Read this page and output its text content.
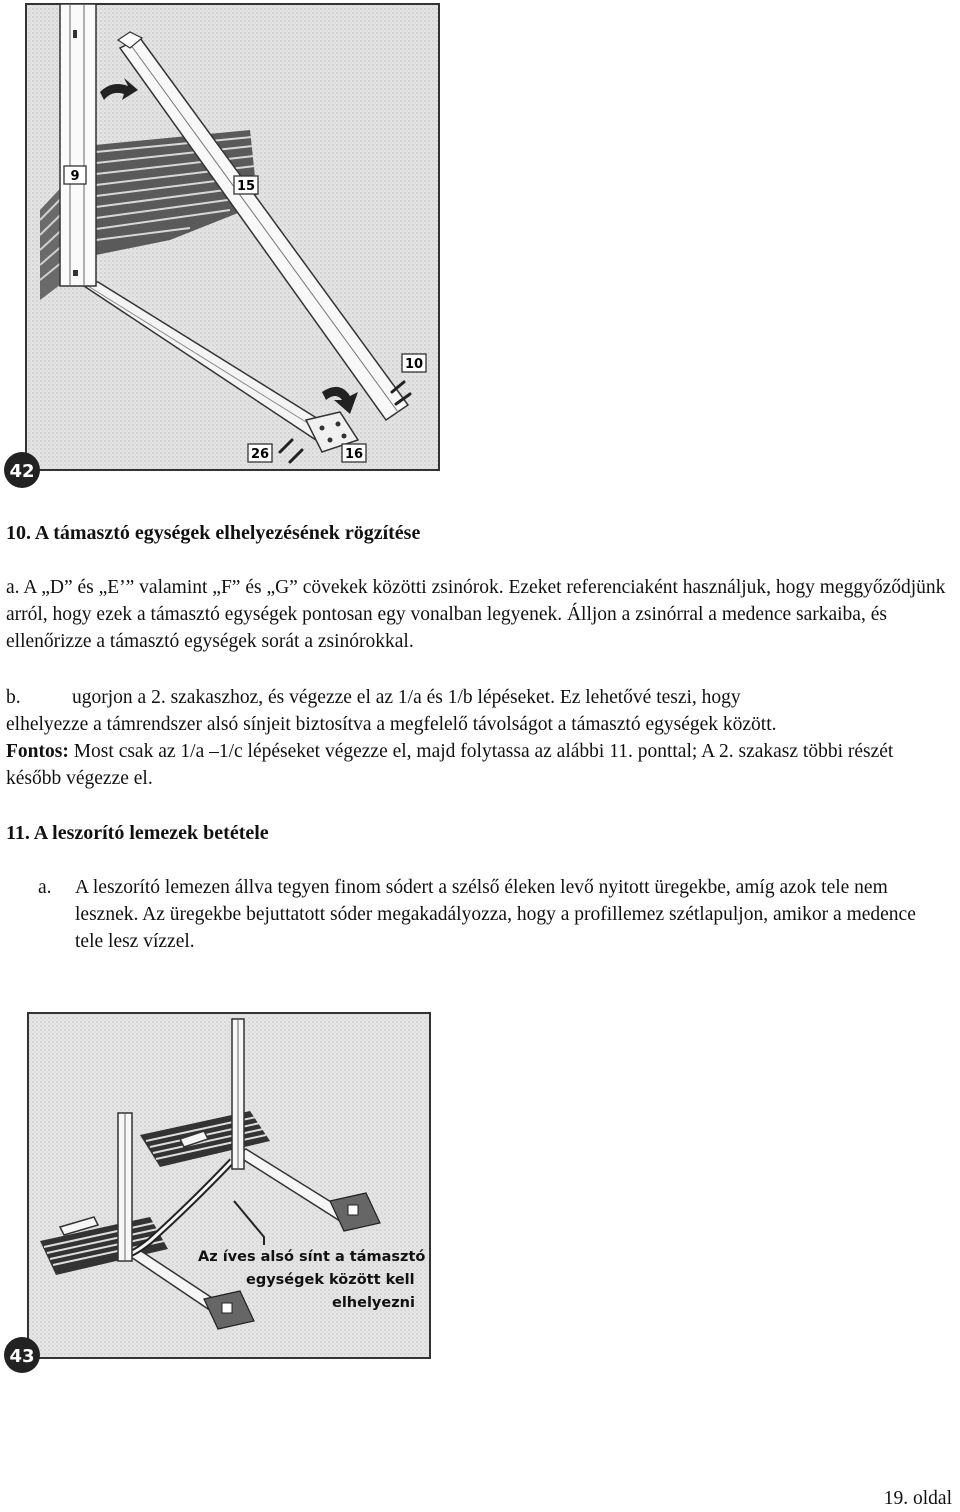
9
15
10
26	16
42
10. A támasztó egységek elhelyezésének rögzítése
a. A „D” és „E’” valamint „F” és „G” cövekek közötti zsinórok. Ezeket referenciaként használjuk, hogy meggyőződjünk arról, hogy ezek a támasztó egységek pontosan egy vonalban legyenek. Álljon a zsinórral a medence sarkaiba, és ellenőrizze a támasztó egységek sorát a zsinórokkal.
b.	ugorjon a 2. szakaszhoz, és végezze el az 1/a és 1/b lépéseket. Ez lehetővé teszi, hogy
elhelyezze a támrendszer alsó sínjeit biztosítva a megfelelő távolságot a támasztó egységek között.
Fontos: Most csak az 1/a –1/c lépéseket végezze el, majd folytassa az alábbi 11. ponttal; A 2. szakasz többi részét később végezze el.
11. A leszorító lemezek betétele
a. A leszorító lemezen állva tegyen finom sódert a szélső éleken levő nyitott üregekbe, amíg azok tele nem lesznek. Az üregekbe bejuttatott sóder megakadályozza, hogy a profillemez szétlapuljon, amikor a medence tele lesz vízzel.
Az íves alsó sínt a támasztó
egységek között kell
elhelyezni
43
19. oldal
